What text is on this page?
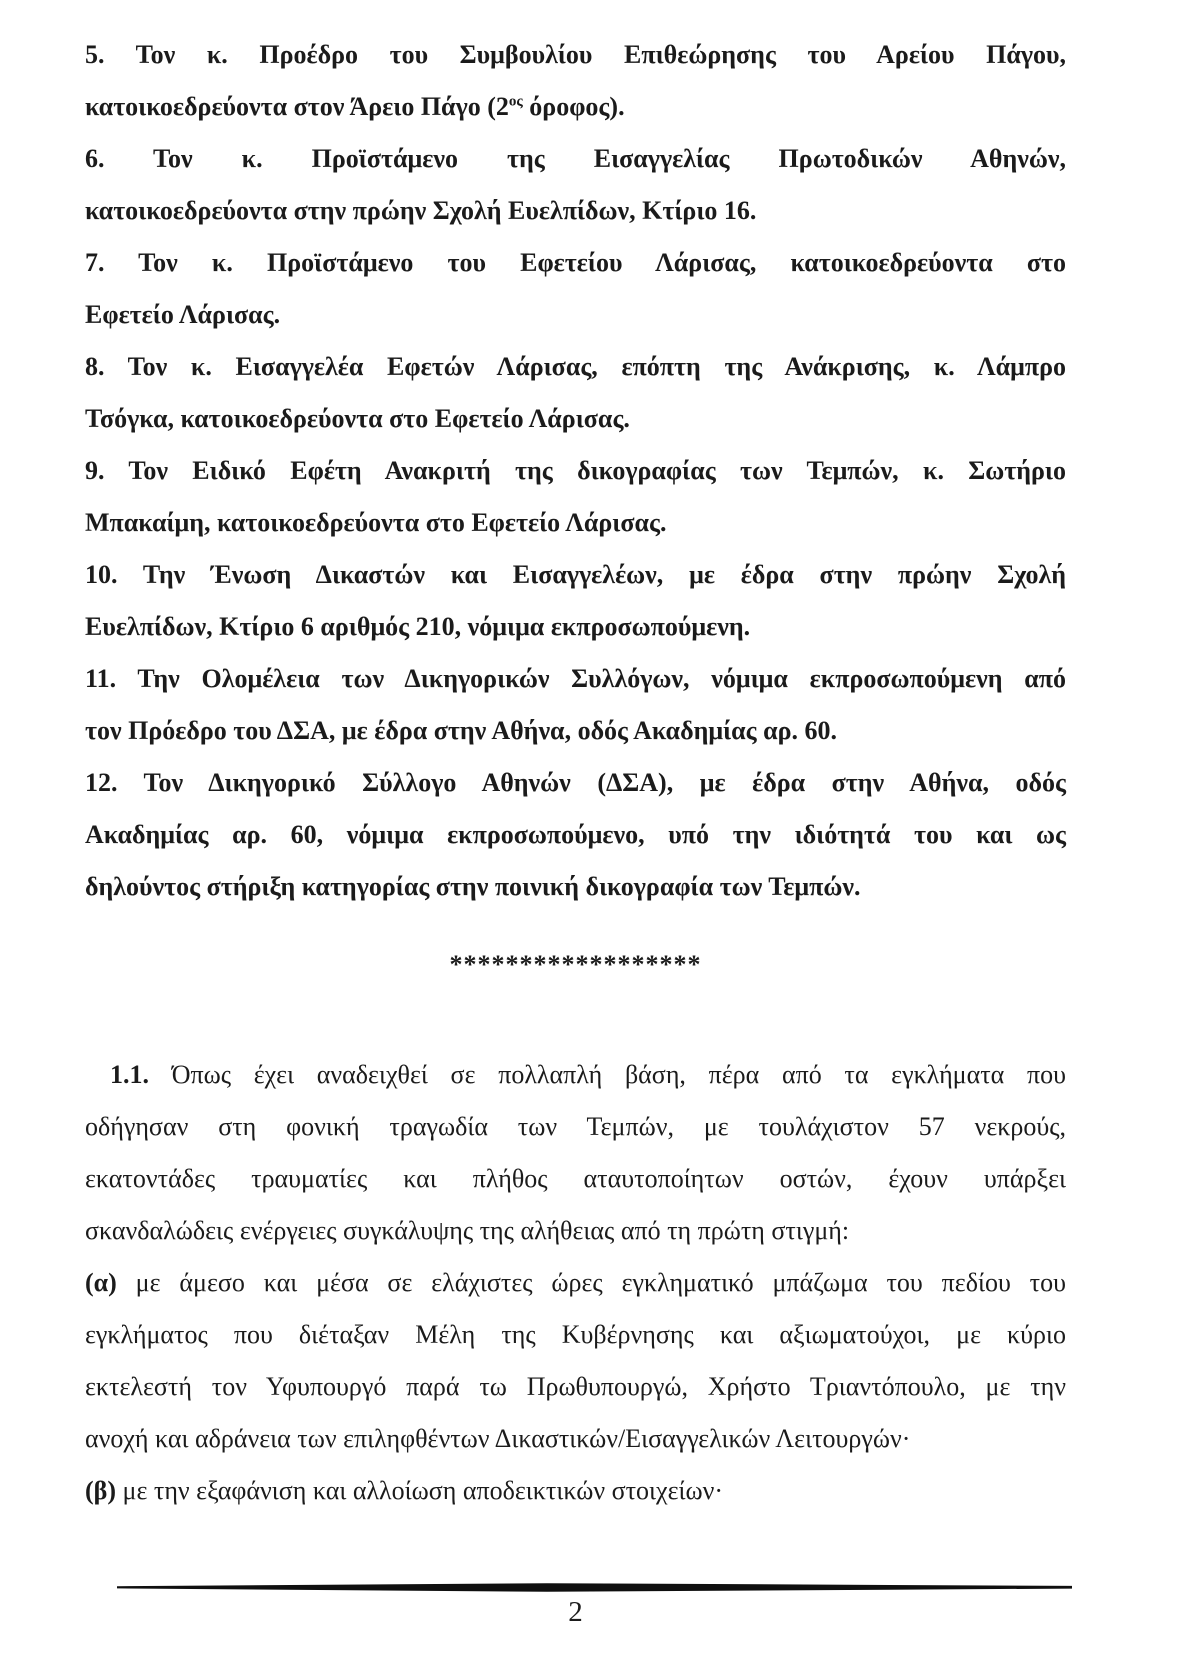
5. Τον κ. Προέδρο του Συμβουλίου Επιθεώρησης του Αρείου Πάγου,
κατοικοεδρεύοντα στον Άρειο Πάγο ($2^{o\varsigma}$ όροφος).
6. Τον κ. Προϊστάμενο της Εισαγγελίας Πρωτοδικών Αθηνών,
κατοικοεδρεύοντα στην πρώην Σχολή Ευελπίδων, Κτίριο 16.
7. Τον κ. Προϊστάμενο του Εφετείου Λάρισας, κατοικοεδρεύοντα στο
Εφετείο Λάρισας.
8. Τον κ. Εισαγγελέα Εφετών Λάρισας, επόπτη της Ανάκρισης, κ. Λάμπρο
Τσόγκα, κατοικοεδρεύοντα στο Εφετείο Λάρισας.
9. Τον Ειδικό Εφέτη Ανακριτή της δικογραφίας των Τεμπών, κ. Σωτήριο
Μπακαίμη, κατοικοεδρεύοντα στο Εφετείο Λάρισας.
10. Την Ένωση Δικαστών και Εισαγγελέων, με έδρα στην πρώην Σχολή
Ευελπίδων, Κτίριο 6 αριθμός 210, νόμιμα εκπροσωπούμενη.
11. Την Ολομέλεια των Δικηγορικών Συλλόγων, νόμιμα εκπροσωπούμενη από
τον Πρόεδρο του ΔΣΑ, με έδρα στην Αθήνα, οδός Ακαδημίας αρ. 60.
12. Τον Δικηγορικό Σύλλογο Αθηνών (ΔΣΑ), με έδρα στην Αθήνα, οδός
Ακαδημίας αρ. 60, νόμιμα εκπροσωπούμενο, υπό την ιδιότητά του και ως
δηλούντος στήριξη κατηγορίας στην ποινική δικογραφία των Τεμπών.
******************
1.1. Όπως έχει αναδειχθεί σε πολλαπλή βάση, πέρα από τα εγκλήματα που
οδήγησαν στη φονική τραγωδία των Τεμπών, με τουλάχιστον 57 νεκρούς,
εκατοντάδες τραυματίες και πλήθος αταυτοποίητων οστών, έχουν υπάρξει
σκανδαλώδεις ενέργειες συγκάλυψης της αλήθειας από τη πρώτη στιγμή:
(α) με άμεσο και μέσα σε ελάχιστες ώρες εγκληματικό μπάζωμα του πεδίου του
εγκλήματος που διέταξαν Μέλη της Κυβέρνησης και αξιωματούχοι, με κύριο
εκτελεστή τον Υφυπουργό παρά τω Πρωθυπουργώ, Χρήστο Τριαντόπουλο, με την
ανοχή και αδράνεια των επιληφθέντων Δικαστικών/Εισαγγελικών Λειτουργών·
(β) με την εξαφάνιση και αλλοίωση αποδεικτικών στοιχείων·
2
